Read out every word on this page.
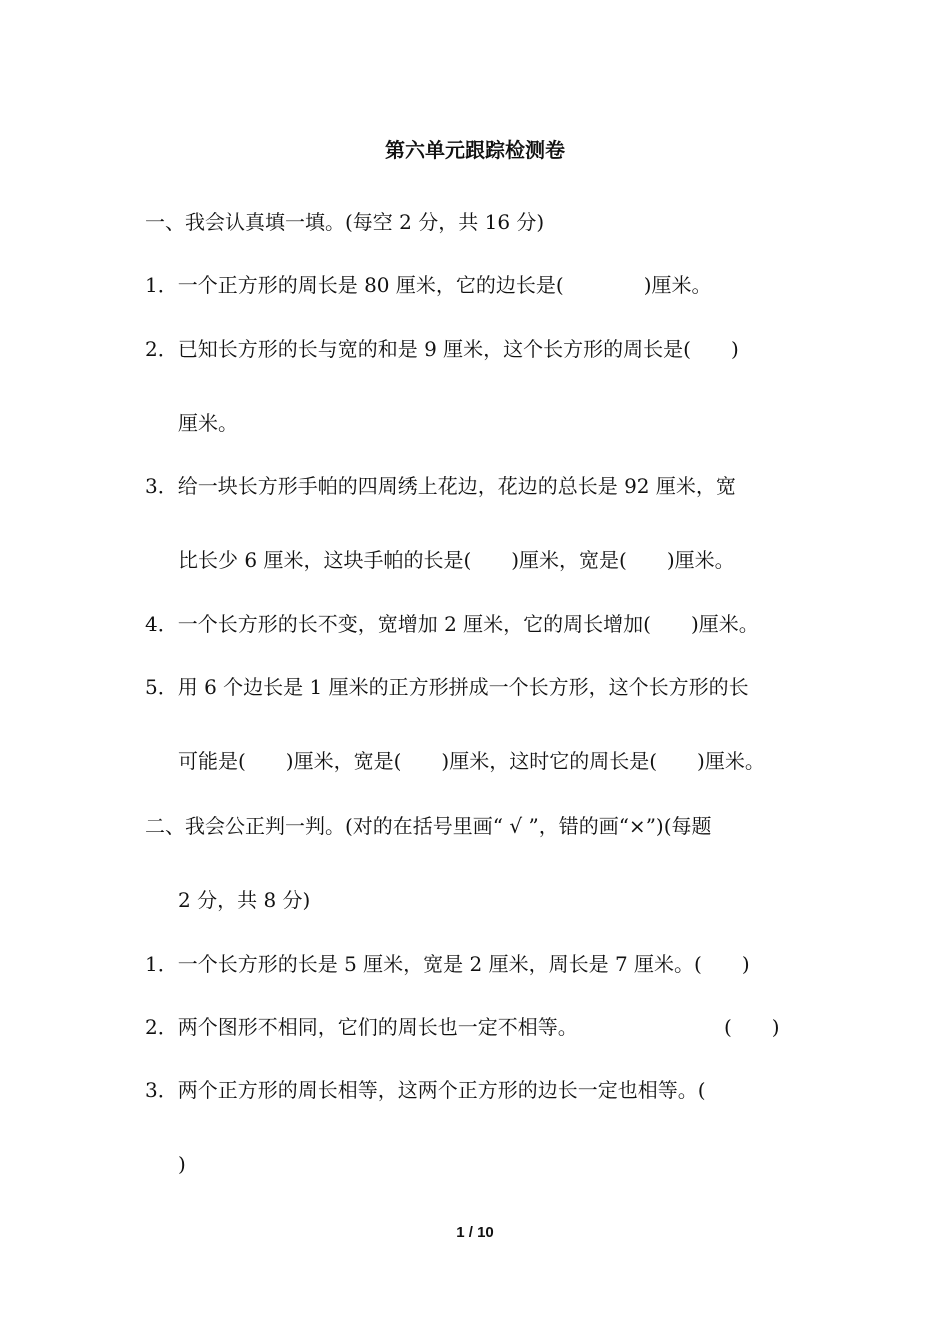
第六单元跟踪检测卷
一、我会认真填一填。(每空 2 分，共 16 分)
1．一个正方形的周长是 80 厘米，它的边长是(　　　　)厘米。
2．已知长方形的长与宽的和是 9 厘米，这个长方形的周长是(　　)
厘米。
3．给一块长方形手帕的四周绣上花边，花边的总长是 92 厘米，宽
比长少 6 厘米，这块手帕的长是(　　)厘米，宽是(　　)厘米。
4．一个长方形的长不变，宽增加 2 厘米，它的周长增加(　　)厘米。
5．用 6 个边长是 1 厘米的正方形拼成一个长方形，这个长方形的长
可能是(　　)厘米，宽是(　　)厘米，这时它的周长是(　　)厘米。
二、我会公正判一判。(对的在括号里画“ √ ”，错的画“×”)(每题
2 分，共 8 分)
1．一个长方形的长是 5 厘米，宽是 2 厘米，周长是 7 厘米。(　　)
2．两个图形不相同，它们的周长也一定不相等。	(　　)
3．两个正方形的周长相等，这两个正方形的边长一定也相等。(
)
1 / 10
